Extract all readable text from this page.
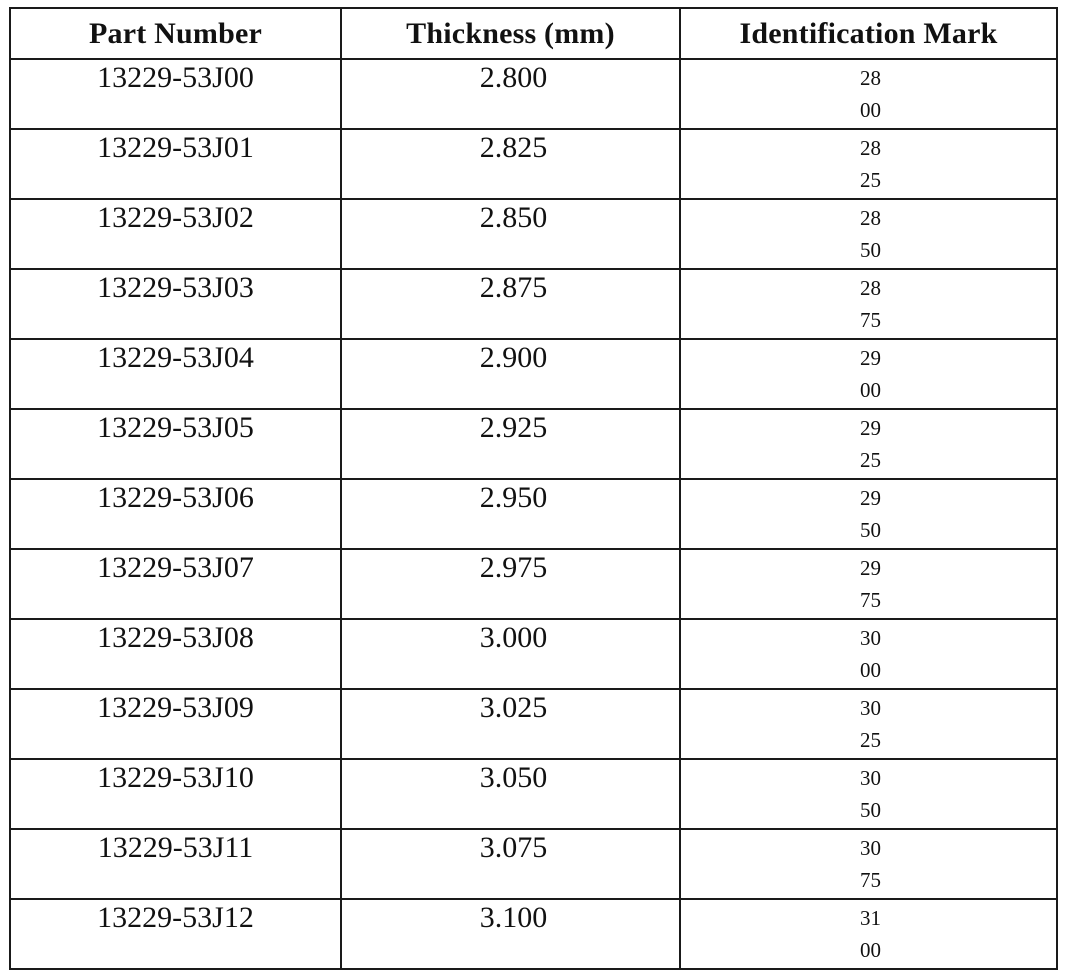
Part Number	Thickness (mm)	Identification Mark

13229-53J00	2.800	28
00

13229-53J01	2.825	28
25

13229-53J02	2.850	28
50

13229-53J03	2.875	28
75

13229-53J04	2.900	29
00

13229-53J05	2.925	29
25

13229-53J06	2.950	29
50

13229-53J07	2.975	29
75

13229-53J08	3.000	30
00

13229-53J09	3.025	30
25

13229-53J10	3.050	30
50

13229-53J11	3.075	30
75

13229-53J12	3.100	31
00
